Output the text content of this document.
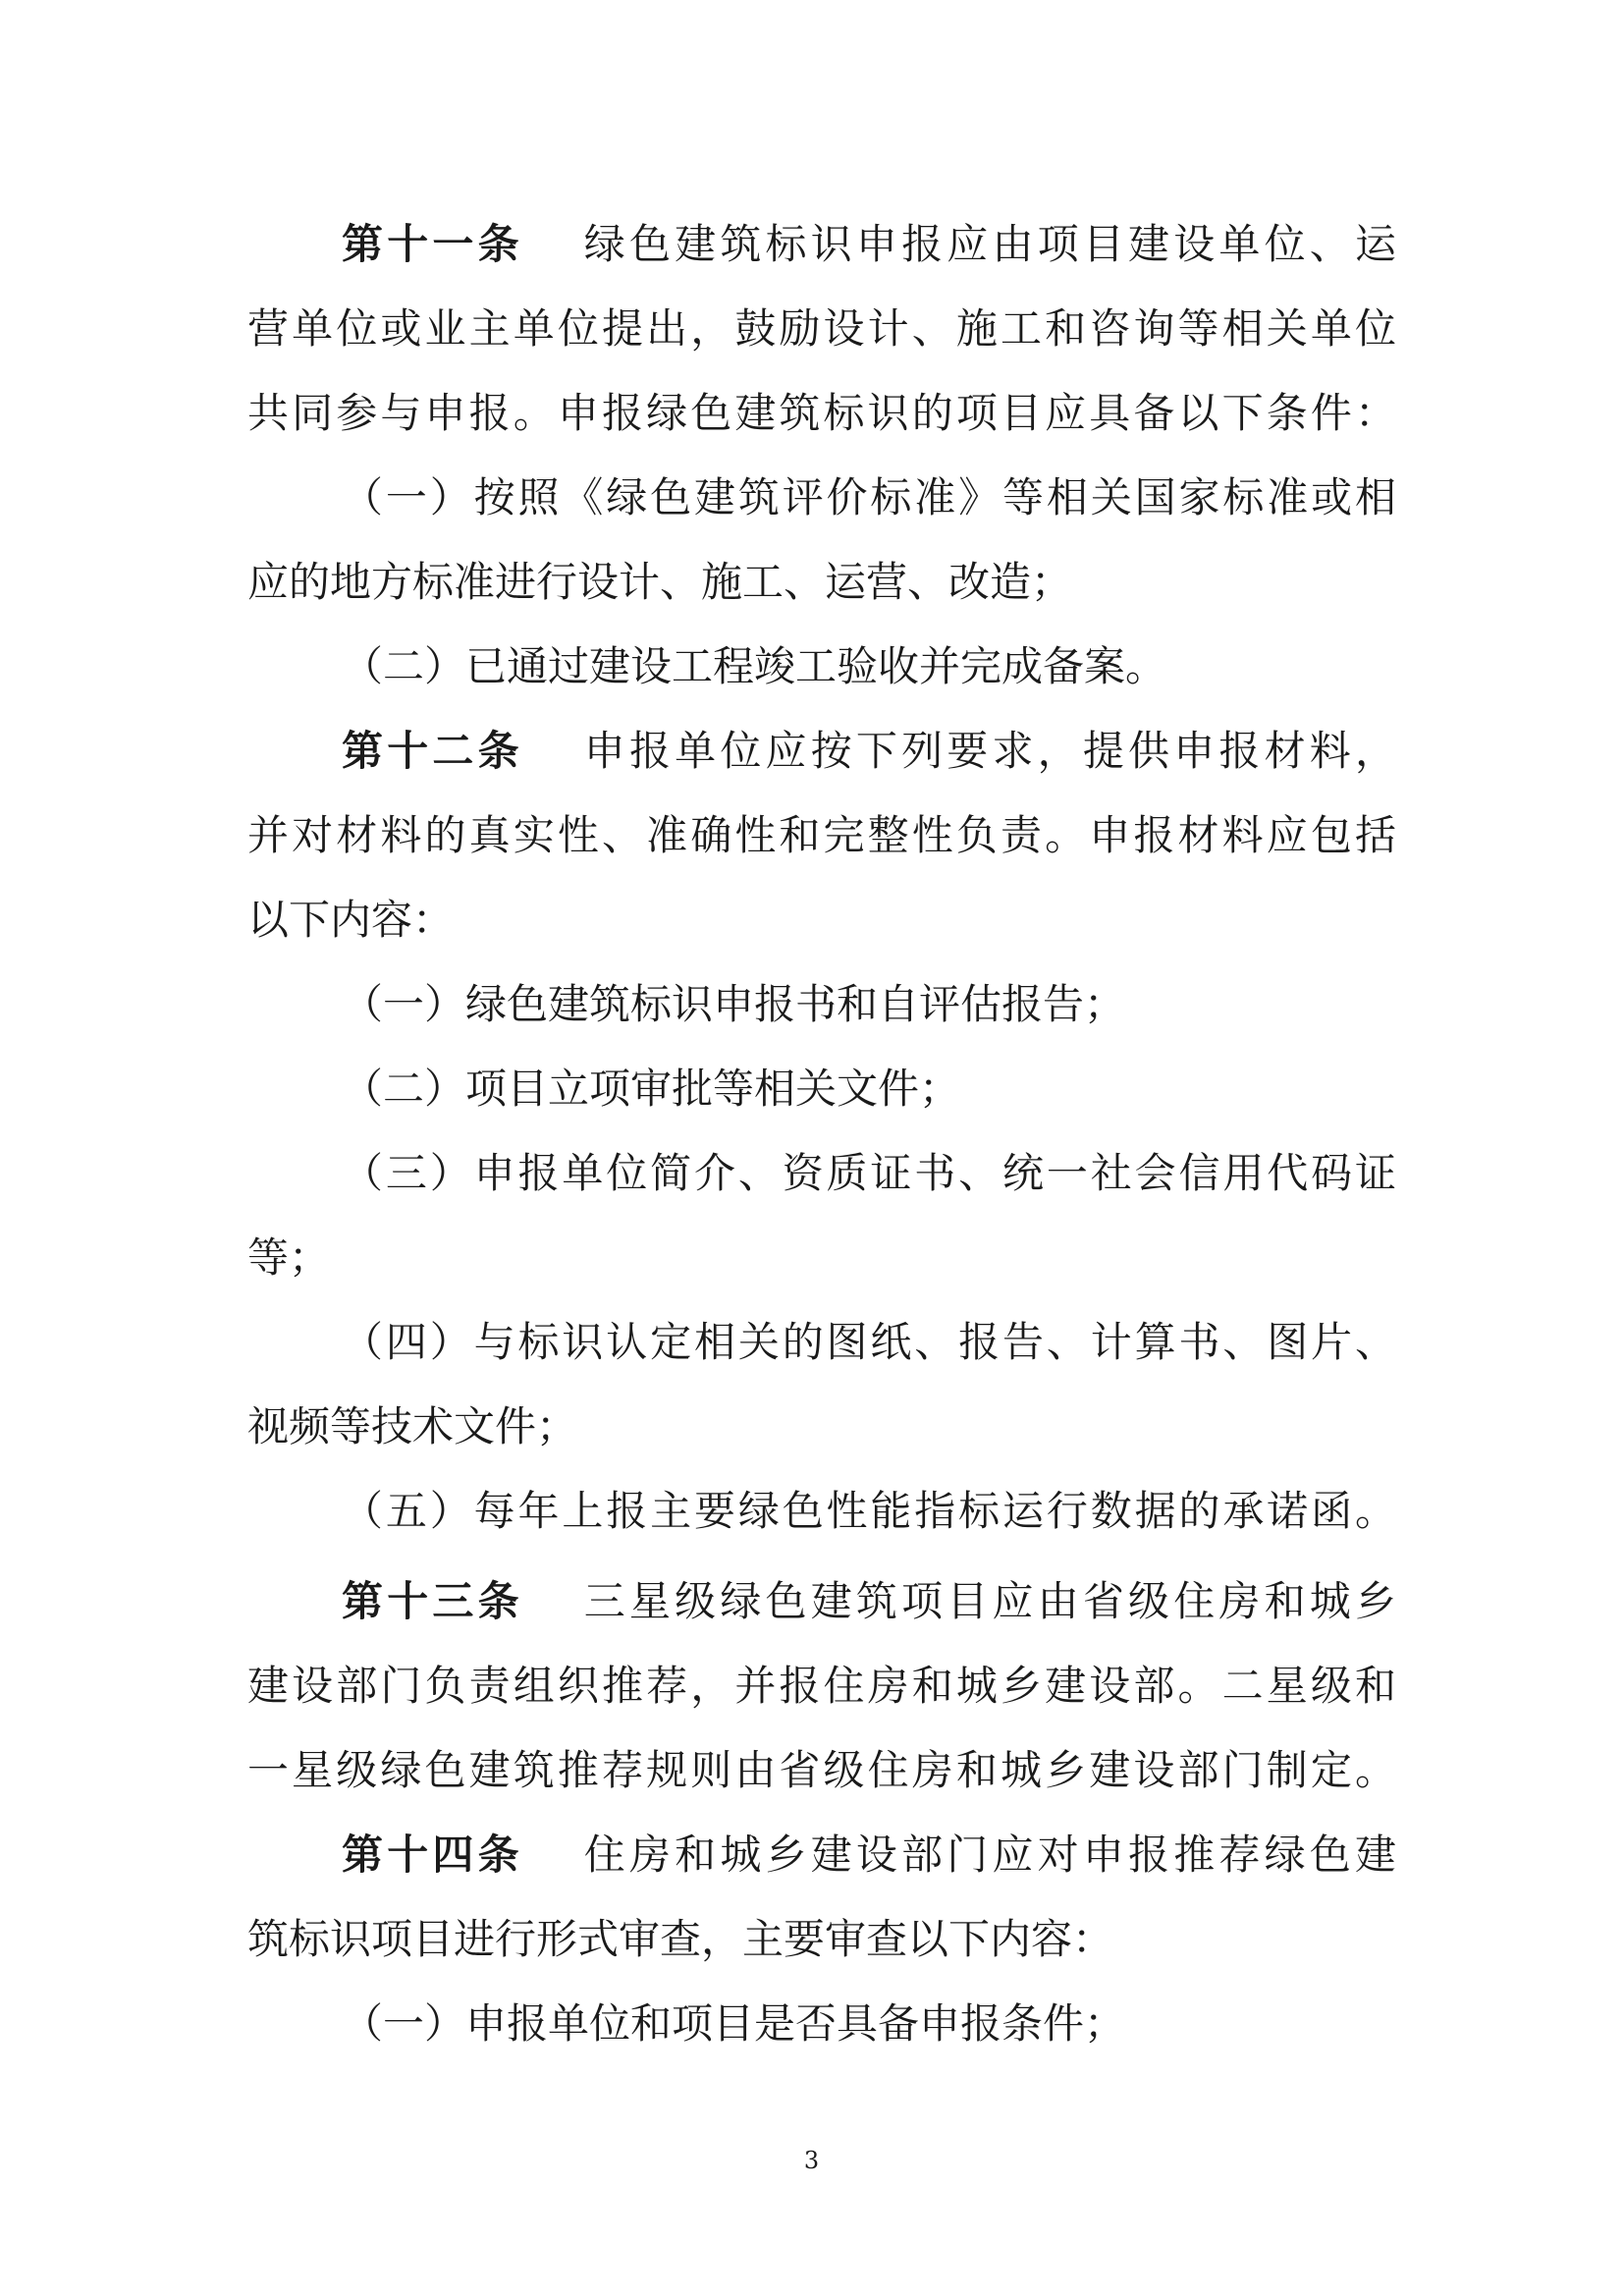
第十一条 绿色建筑标识申报应由项目建设单位、运
营单位或业主单位提出，鼓励设计、施工和咨询等相关单位
共同参与申报。申报绿色建筑标识的项目应具备以下条件：
（一）按照《绿色建筑评价标准》等相关国家标准或相
应的地方标准进行设计、施工、运营、改造；
（二）已通过建设工程竣工验收并完成备案。
第十二条 申报单位应按下列要求，提供申报材料，
并对材料的真实性、准确性和完整性负责。申报材料应包括
以下内容：
（一）绿色建筑标识申报书和自评估报告；
（二）项目立项审批等相关文件；
（三）申报单位简介、资质证书、统一社会信用代码证
等；
（四）与标识认定相关的图纸、报告、计算书、图片、
视频等技术文件；
（五）每年上报主要绿色性能指标运行数据的承诺函。
第十三条 三星级绿色建筑项目应由省级住房和城乡
建设部门负责组织推荐，并报住房和城乡建设部。二星级和
一星级绿色建筑推荐规则由省级住房和城乡建设部门制定。
第十四条 住房和城乡建设部门应对申报推荐绿色建
筑标识项目进行形式审查，主要审查以下内容：
（一）申报单位和项目是否具备申报条件；
3
